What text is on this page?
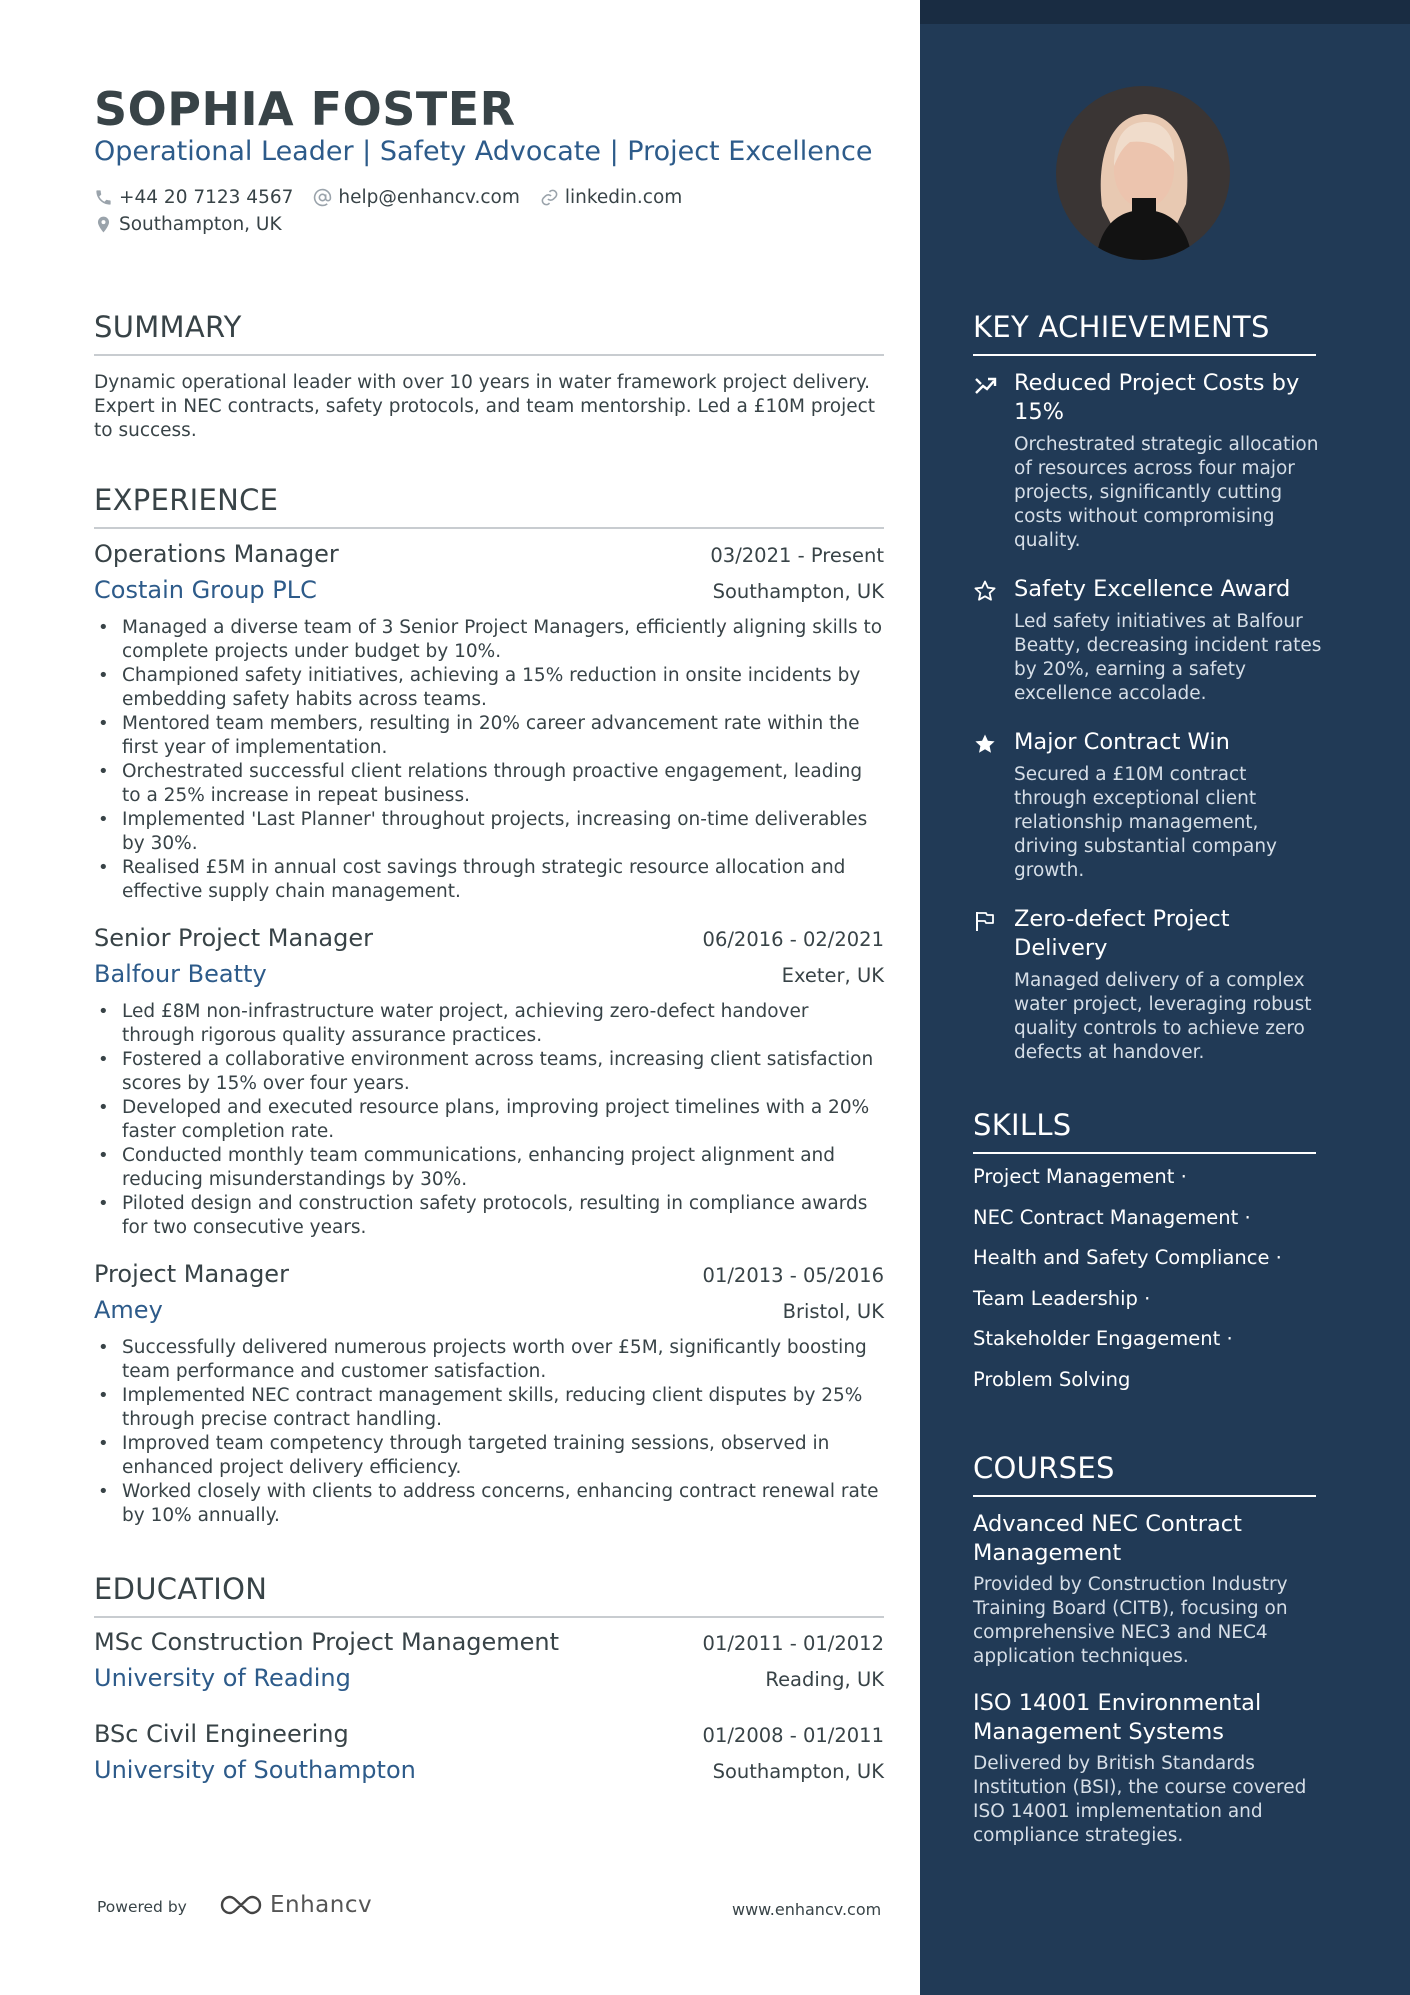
SOPHIA FOSTER
Operational Leader | Safety Advocate | Project Excellence
+44 20 7123 4567 help@enhancv.com linkedin.com
Southampton, UK
SUMMARY
Dynamic operational leader with over 10 years in water framework project delivery. Expert in NEC contracts, safety protocols, and team mentorship. Led a £10M project to success.
EXPERIENCE
Operations Manager	03/2021 - Present
Costain Group PLC	Southampton, UK
• Managed a diverse team of 3 Senior Project Managers, efficiently aligning skills to complete projects under budget by 10%.
• Championed safety initiatives, achieving a 15% reduction in onsite incidents by embedding safety habits across teams.
• Mentored team members, resulting in 20% career advancement rate within the first year of implementation.
• Orchestrated successful client relations through proactive engagement, leading to a 25% increase in repeat business.
• Implemented 'Last Planner' throughout projects, increasing on-time deliverables by 30%.
• Realised £5M in annual cost savings through strategic resource allocation and effective supply chain management.
Senior Project Manager	06/2016 - 02/2021
Balfour Beatty	Exeter, UK
• Led £8M non-infrastructure water project, achieving zero-defect handover through rigorous quality assurance practices.
• Fostered a collaborative environment across teams, increasing client satisfaction scores by 15% over four years.
• Developed and executed resource plans, improving project timelines with a 20% faster completion rate.
• Conducted monthly team communications, enhancing project alignment and reducing misunderstandings by 30%.
• Piloted design and construction safety protocols, resulting in compliance awards for two consecutive years.
Project Manager	01/2013 - 05/2016
Amey	Bristol, UK
• Successfully delivered numerous projects worth over £5M, significantly boosting team performance and customer satisfaction.
• Implemented NEC contract management skills, reducing client disputes by 25% through precise contract handling.
• Improved team competency through targeted training sessions, observed in enhanced project delivery efficiency.
• Worked closely with clients to address concerns, enhancing contract renewal rate by 10% annually.
EDUCATION
MSc Construction Project Management	01/2011 - 01/2012
University of Reading	Reading, UK
BSc Civil Engineering	01/2008 - 01/2011
University of Southampton	Southampton, UK
Powered by	Enhancv	www.enhancv.com
KEY ACHIEVEMENTS
Reduced Project Costs by 15%
Orchestrated strategic allocation of resources across four major projects, significantly cutting costs without compromising quality.
Safety Excellence Award
Led safety initiatives at Balfour Beatty, decreasing incident rates by 20%, earning a safety excellence accolade.
Major Contract Win
Secured a £10M contract through exceptional client relationship management, driving substantial company growth.
Zero-defect Project Delivery
Managed delivery of a complex water project, leveraging robust quality controls to achieve zero defects at handover.
SKILLS
Project Management ·
NEC Contract Management ·
Health and Safety Compliance ·
Team Leadership ·
Stakeholder Engagement ·
Problem Solving
COURSES
Advanced NEC Contract Management
Provided by Construction Industry Training Board (CITB), focusing on comprehensive NEC3 and NEC4 application techniques.
ISO 14001 Environmental Management Systems
Delivered by British Standards Institution (BSI), the course covered ISO 14001 implementation and compliance strategies.
